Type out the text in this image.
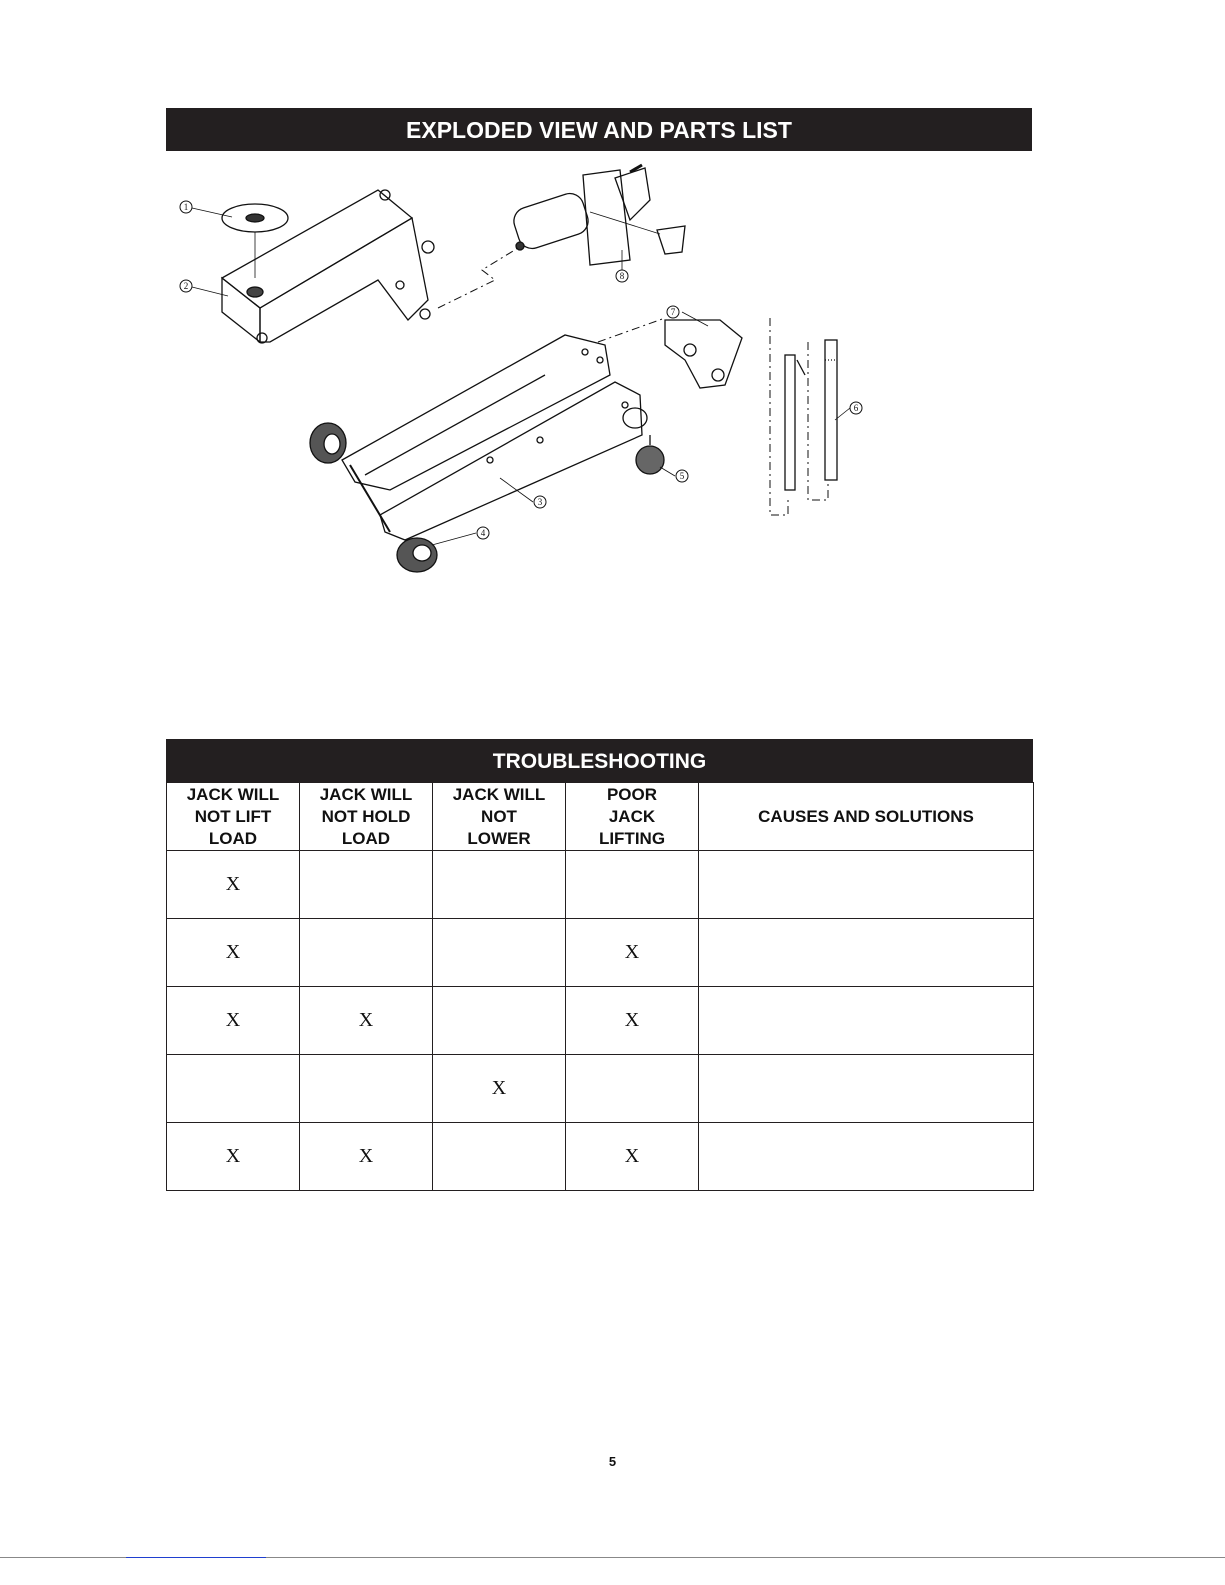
EXPLODED VIEW AND PARTS LIST
1
2
3
4
5
6
7
8
TROUBLESHOOTING
JACK WILL
NOT LIFT
LOAD	JACK WILL
NOT HOLD
LOAD	JACK WILL
NOT
LOWER	POOR
JACK
LIFTING	CAUSES AND SOLUTIONS
X				
X			X	
X	X		X	
		X		
X	X		X	
5
